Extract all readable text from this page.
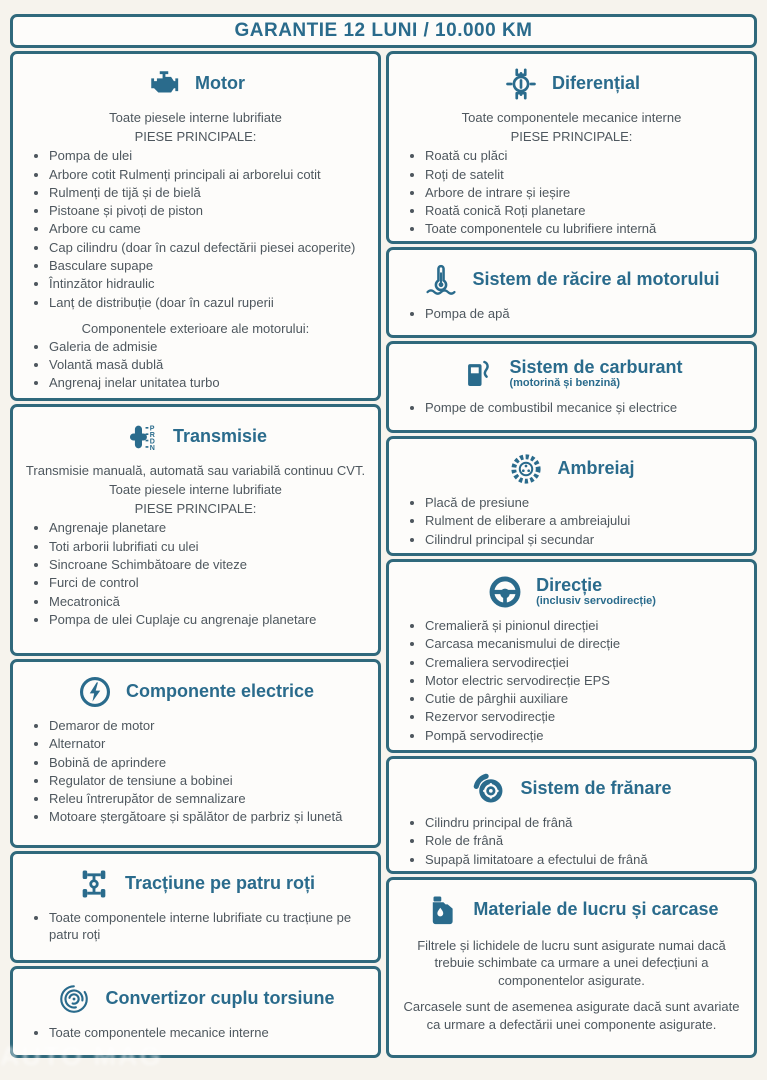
GARANTIE 12 LUNI / 10.000 KM
Motor
Toate piesele interne lubrifiate
PIESE PRINCIPALE:
• Pompa de ulei
• Arbore cotit Rulmenți principali ai arborelui cotit
• Rulmenți de tijă și de bielă
• Pistoane și pivoți de piston
• Arbore cu came
• Cap cilindru (doar în cazul defectării piesei acoperite)
• Basculare supape
• Întinzător hidraulic
• Lanț de distribuție (doar în cazul ruperii
Componentele exterioare ale motorului:
• Galeria de admisie
• Volantă masă dublă
• Angrenaj inelar unitatea turbo
P
R
D
N
Transmisie
Transmisie manuală, automată sau variabilă continuu CVT.
Toate piesele interne lubrifiate
PIESE PRINCIPALE:
• Angrenaje planetare
• Toti arborii lubrifiati cu ulei
• Sincroane Schimbătoare de viteze
• Furci de control
• Mecatronică
• Pompa de ulei Cuplaje cu angrenaje planetare
Componente electrice
• Demaror de motor
• Alternator
• Bobină de aprindere
• Regulator de tensiune a bobinei
• Releu întrerupător de semnalizare
• Motoare ștergătoare și spălător de parbriz și lunetă
Tracțiune pe patru roți
• Toate componentele interne lubrifiate cu tracțiune pe patru roți
Convertizor cuplu torsiune
• Toate componentele mecanice interne
Diferențial
Toate componentele mecanice interne
PIESE PRINCIPALE:
• Roată cu plăci
• Roți de satelit
• Arbore de intrare și ieșire
• Roată conică Roți planetare
• Toate componentele cu lubrifiere internă
Sistem de răcire al motorului
• Pompa de apă
Sistem de carburant
(motorină și benzină)
• Pompe de combustibil mecanice și electrice
Ambreiaj
• Placă de presiune
• Rulment de eliberare a ambreiajului
• Cilindrul principal și secundar
Direcție
(inclusiv servodirecție)
• Cremalieră și pinionul direcției
• Carcasa mecanismului de direcție
• Cremaliera servodirecției
• Motor electric servodirecție EPS
• Cutie de pârghii auxiliare
• Rezervor servodirecție
• Pompă servodirecție
Sistem de frănare
• Cilindru principal de frână
• Role de frână
• Supapă limitatoare a efectului de frână
Materiale de lucru și carcase
Filtrele și lichidele de lucru sunt asigurate numai dacă trebuie schimbate ca urmare a unei defecțiuni a componentelor asigurate.
Carcasele sunt de asemenea asigurate dacă sunt avariate ca urmare a defectării unei componente asigurate.
AUTO MAG
